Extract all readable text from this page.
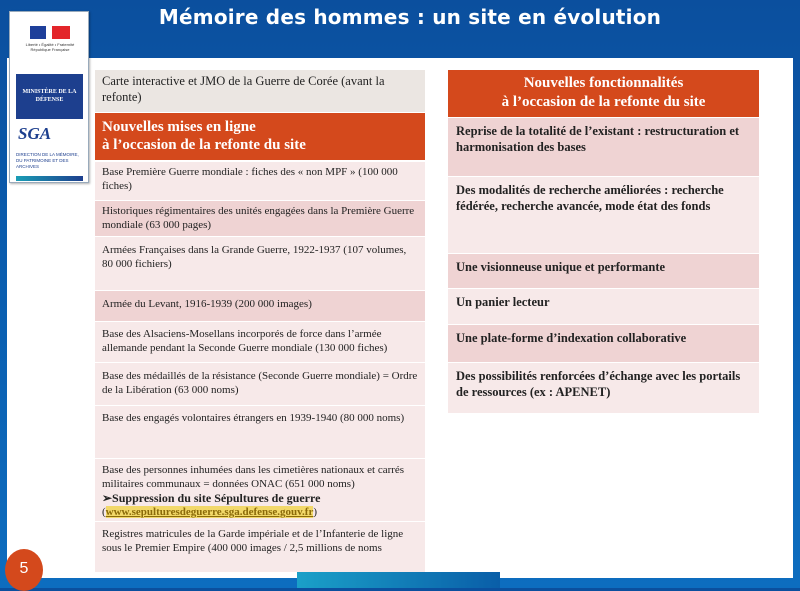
Mémoire des hommes : un site en évolution
Liberté • Égalité • Fraternité République Française
MINISTÈRE DE LA DÉFENSE
SGA
DIRECTION DE LA MÉMOIRE, DU PATRIMOINE ET DES ARCHIVES
Carte interactive et JMO de la Guerre de Corée (avant la refonte)
Nouvelles mises en ligne
à l’occasion de la refonte du site
Base Première Guerre mondiale : fiches des « non MPF » (100 000 fiches)
Historiques régimentaires des unités engagées dans la Première Guerre mondiale (63 000 pages)
Armées Françaises dans la Grande Guerre, 1922-1937 (107 volumes, 80 000 fichiers)
Armée du Levant, 1916-1939 (200 000 images)
Base des Alsaciens-Mosellans incorporés de force dans l’armée allemande pendant la Seconde Guerre mondiale (130 000 fiches)
Base des médaillés de la résistance (Seconde Guerre mondiale) = Ordre de la Libération (63 000 noms)
Base des engagés volontaires étrangers en 1939-1940 (80 000 noms)
Base des personnes inhumées dans les cimetières nationaux et carrés militaires communaux = données ONAC (651 000 noms)
➢Suppression du site Sépultures de guerre
(www.sepulturesdeguerre.sga.defense.gouv.fr)
Registres matricules de la Garde impériale et de l’Infanterie de ligne sous le Premier Empire (400 000 images / 2,5 millions de noms
Nouvelles fonctionnalités
à l’occasion de la refonte du site
Reprise de la totalité de l’existant : restructuration et harmonisation des bases
Des modalités de recherche améliorées : recherche fédérée, recherche avancée, mode état des fonds
Une visionneuse unique et performante
Un panier lecteur
Une plate-forme d’indexation collaborative
Des possibilités renforcées d’échange avec les portails de ressources (ex : APENET)
5
